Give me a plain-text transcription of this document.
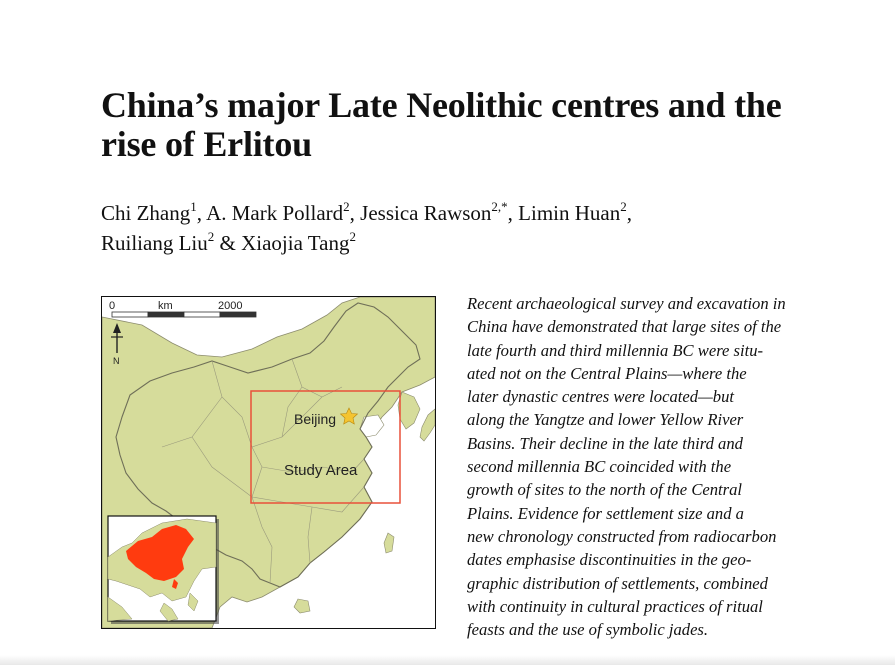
China’s major Late Neolithic centres and the rise of Erlitou

Chi Zhang$^1$, A. Mark Pollard$^2$, Jessica Rawson$^{2,*}$, Limin Huan$^2$,
Ruiliang Liu$^2$ & Xiaojia Tang$^2$

0	km	2000
N
Beijing
Study Area

Recent archaeological survey and excavation in
China have demonstrated that large sites of the
late fourth and third millennia BC were situ-
ated not on the Central Plains—where the
later dynastic centres were located—but
along the Yangtze and lower Yellow River
Basins. Their decline in the late third and
second millennia BC coincided with the
growth of sites to the north of the Central
Plains. Evidence for settlement size and a
new chronology constructed from radiocarbon
dates emphasise discontinuities in the geo-
graphic distribution of settlements, combined
with continuity in cultural practices of ritual
feasts and the use of symbolic jades.
